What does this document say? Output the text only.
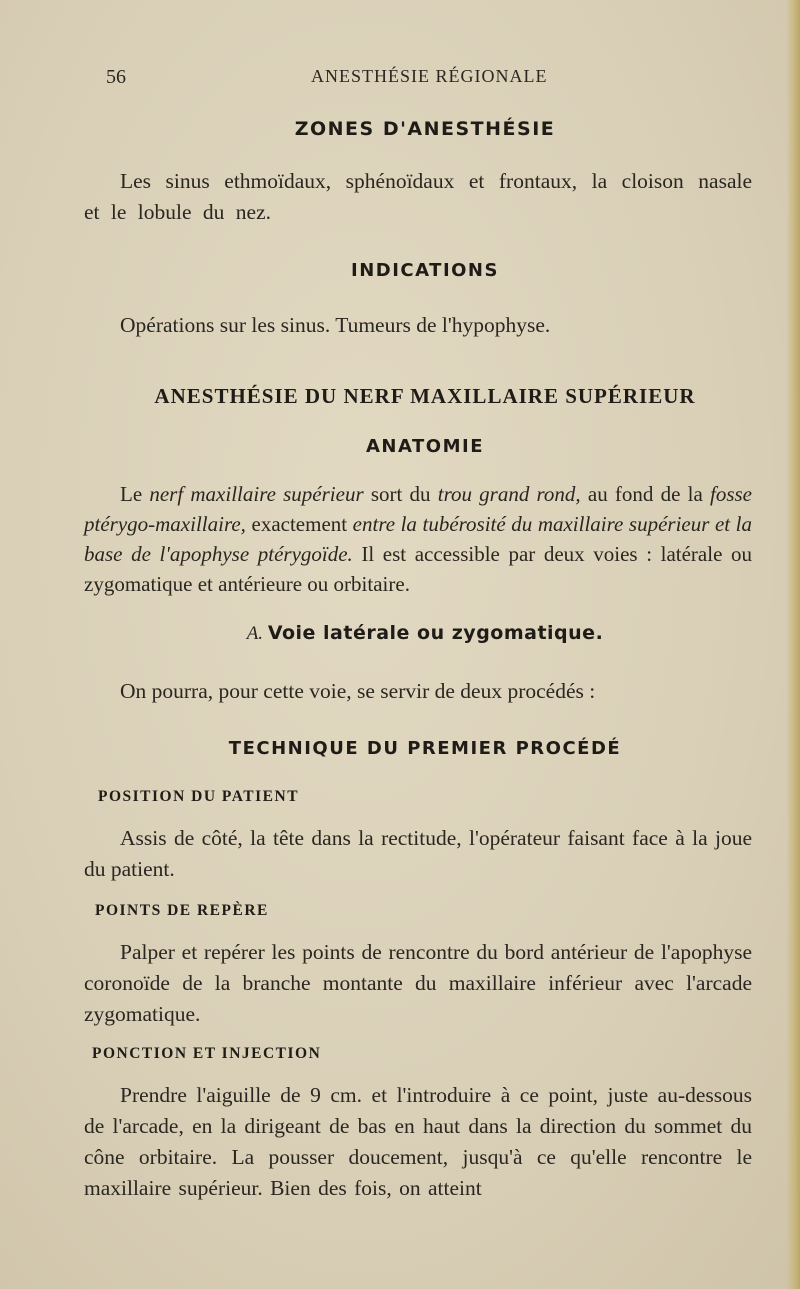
56	ANESTHÉSIE RÉGIONALE
ZONES D'ANESTHÉSIE

Les sinus ethmoïdaux, sphénoïdaux et frontaux, la cloison nasale et le lobule du nez.

INDICATIONS

Opérations sur les sinus. Tumeurs de l'hypophyse.

ANESTHÉSIE DU NERF MAXILLAIRE SUPÉRIEUR
ANATOMIE

Le nerf maxillaire supérieur sort du trou grand rond, au fond de la fosse ptérygo-maxillaire, exactement entre la tubérosité du maxillaire supérieur et la base de l'apophyse ptérygoïde. Il est accessible par deux voies : latérale ou zygomatique et antérieure ou orbitaire.

A. Voie latérale ou zygomatique.

On pourra, pour cette voie, se servir de deux procédés :

TECHNIQUE DU PREMIER PROCÉDÉ
POSITION DU PATIENT

Assis de côté, la tête dans la rectitude, l'opérateur faisant face à la joue du patient.

POINTS DE REPÈRE

Palper et repérer les points de rencontre du bord antérieur de l'apophyse coronoïde de la branche montante du maxillaire inférieur avec l'arcade zygomatique.

PONCTION ET INJECTION

Prendre l'aiguille de 9 cm. et l'introduire à ce point, juste au-dessous de l'arcade, en la dirigeant de bas en haut dans la direction du sommet du cône orbitaire. La pousser doucement, jusqu'à ce qu'elle rencontre le maxillaire supérieur. Bien des fois, on atteint
